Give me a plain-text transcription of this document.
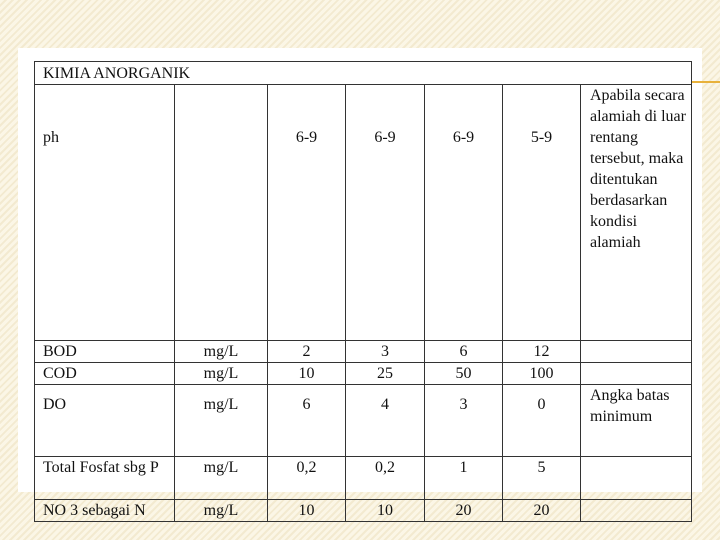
KIMIA ANORGANIK						
ph		6-9	6-9	6-9	5-9	Apabila secara alamiah di luar rentang tersebut, maka ditentukan berdasarkan kondisi alamiah
BOD	mg/L	2	3	6	12	
COD	mg/L	10	25	50	100	
DO	mg/L	6	4	3	0	Angka batas minimum
Total Fosfat sbg P	mg/L	0,2	0,2	1	5	
NO 3 sebagai N	mg/L	10	10	20	20	
